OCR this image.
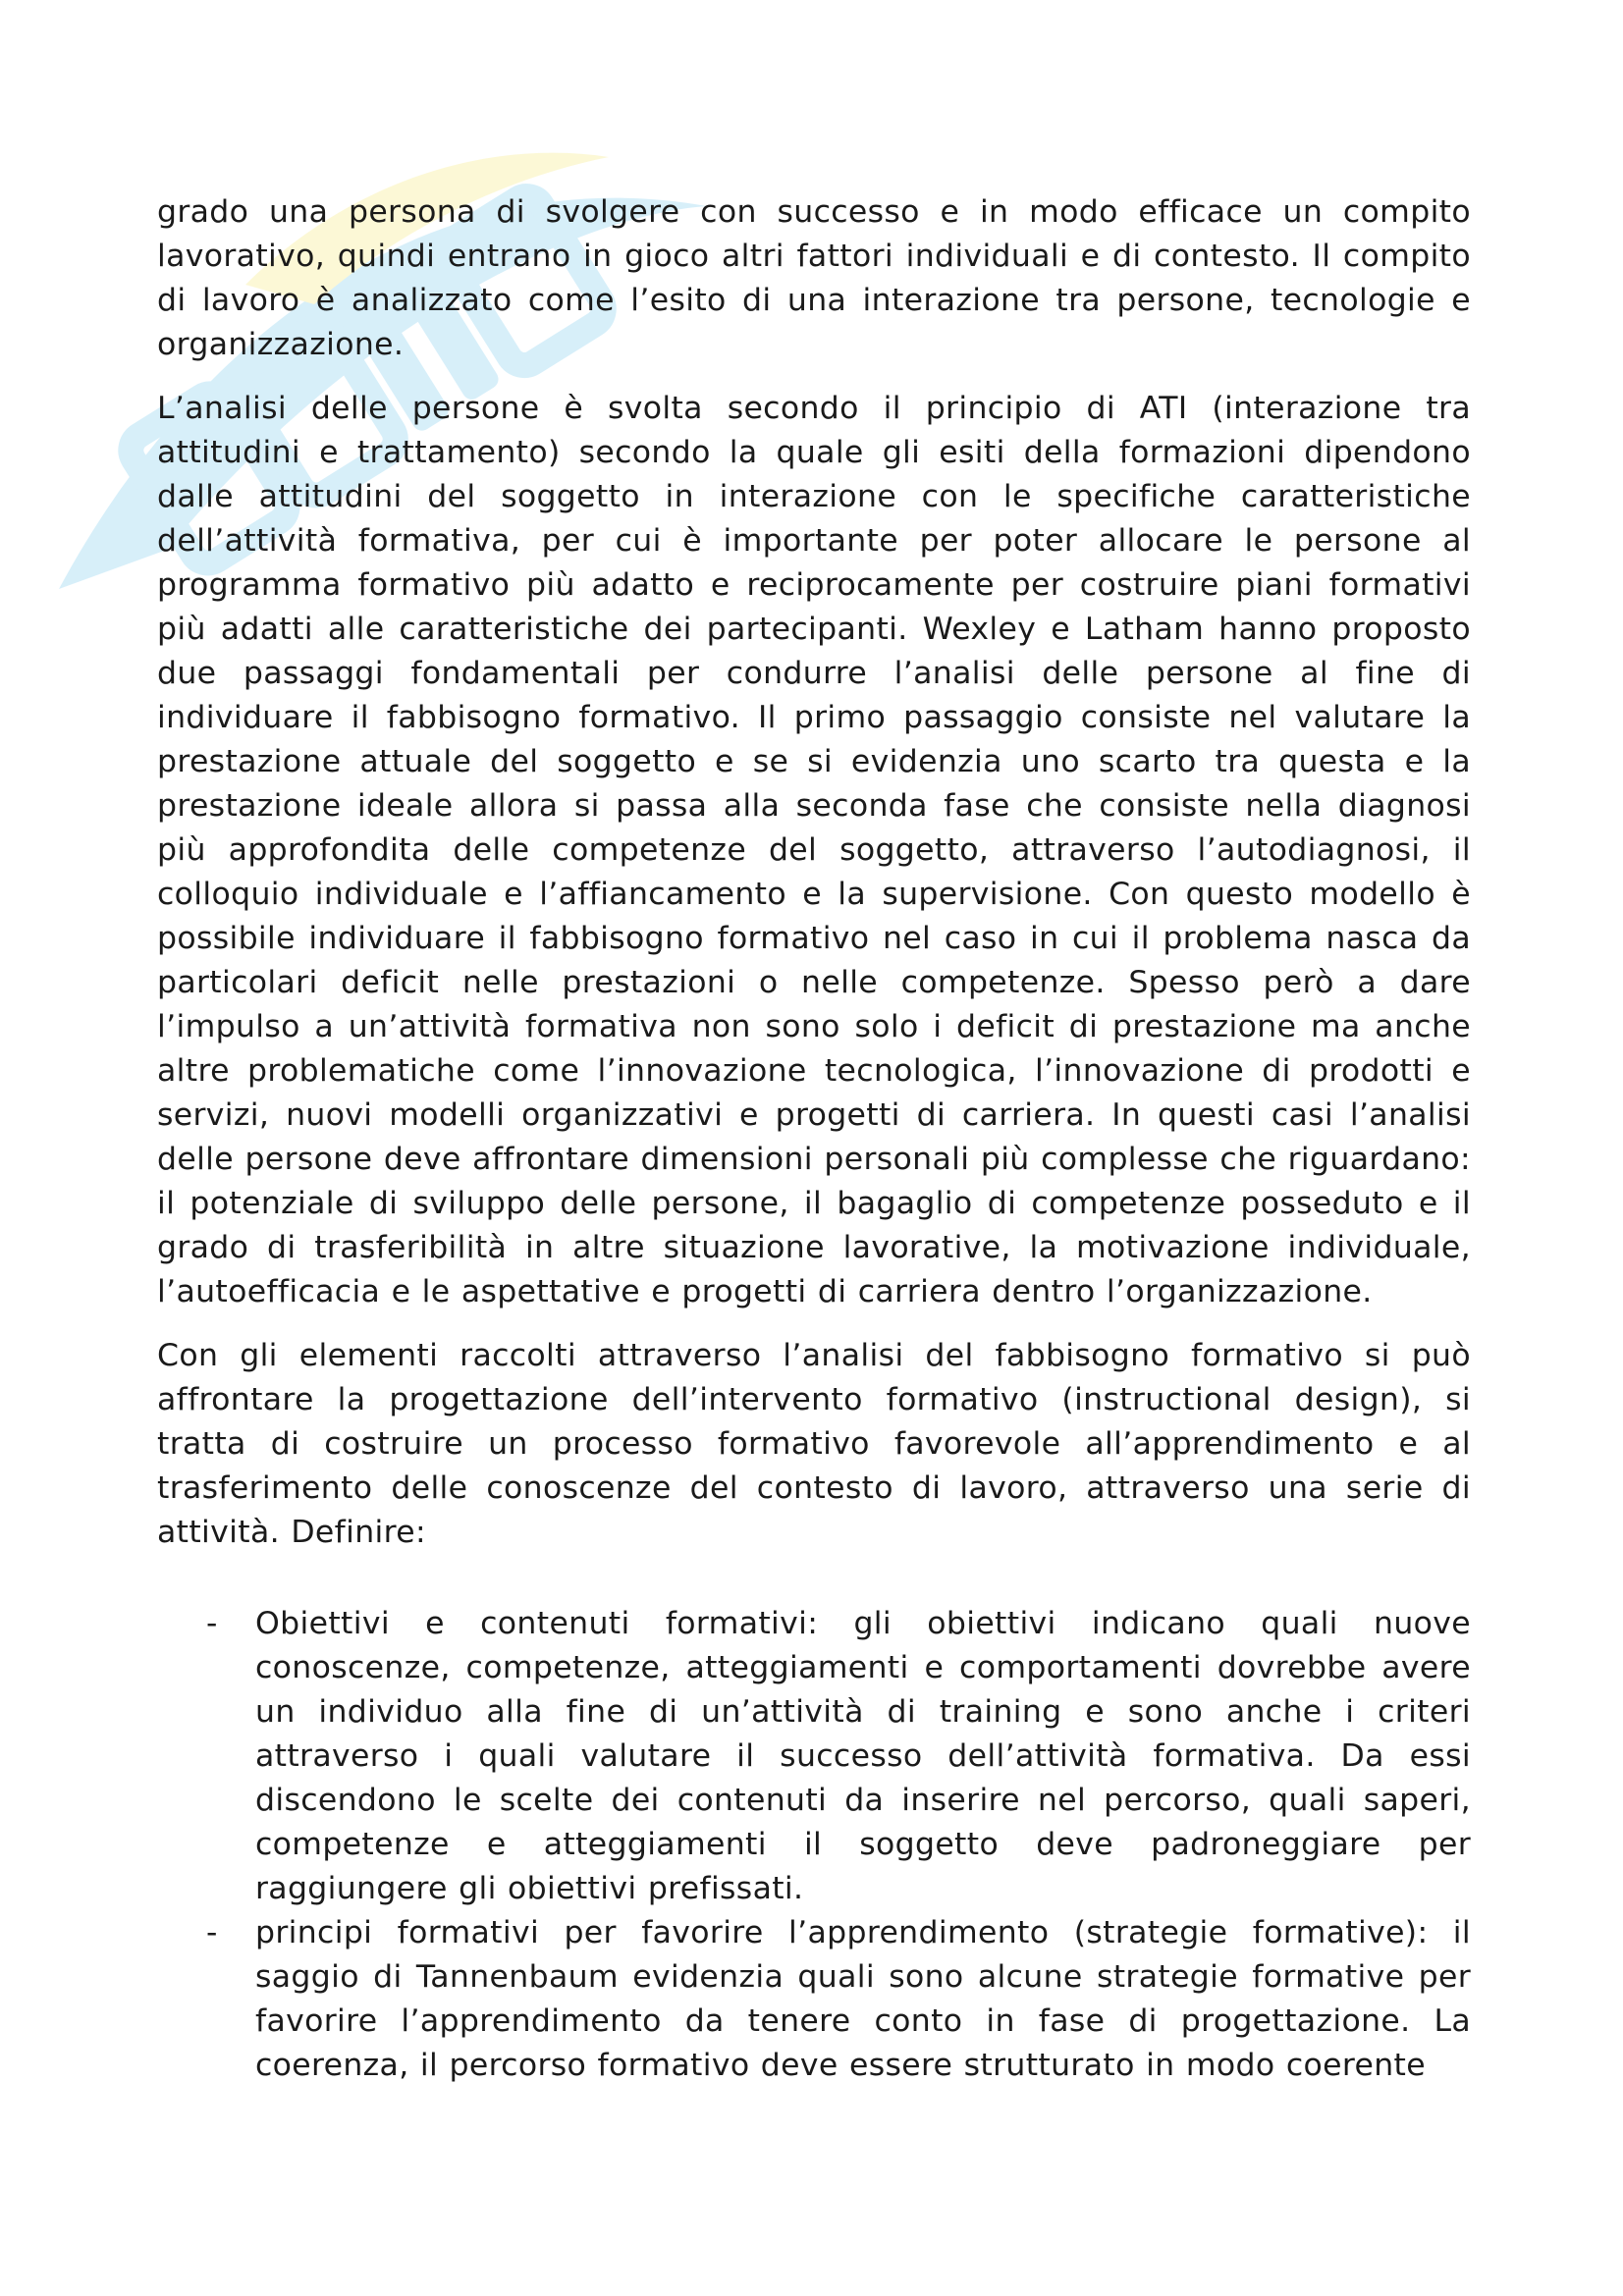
grado una persona di svolgere con successo e in modo efficace un compito lavorativo, quindi entrano in gioco altri fattori individuali e di contesto. Il compito di lavoro è analizzato come l’esito di una interazione tra persone, tecnologie e organizzazione.

L’analisi delle persone è svolta secondo il principio di ATI (interazione tra attitudini e trattamento) secondo la quale gli esiti della formazioni dipendono dalle attitudini del soggetto in interazione con le specifiche caratteristiche dell’attività formativa, per cui è importante per poter allocare le persone al programma formativo più adatto e reciprocamente per costruire piani formativi più adatti alle caratteristiche dei partecipanti. Wexley e Latham hanno proposto due passaggi fondamentali per condurre l’analisi delle persone al fine di individuare il fabbisogno formativo. Il primo passaggio consiste nel valutare la prestazione attuale del soggetto e se si evidenzia uno scarto tra questa e la prestazione ideale allora si passa alla seconda fase che consiste nella diagnosi più approfondita delle competenze del soggetto, attraverso l’autodiagnosi, il colloquio individuale e l’affiancamento e la supervisione. Con questo modello è possibile individuare il fabbisogno formativo nel caso in cui il problema nasca da particolari deficit nelle prestazioni o nelle competenze. Spesso però a dare l’impulso a un’attività formativa non sono solo i deficit di prestazione ma anche altre problematiche come l’innovazione tecnologica, l’innovazione di prodotti e servizi, nuovi modelli organizzativi e progetti di carriera. In questi casi l’analisi delle persone deve affrontare dimensioni personali più complesse che riguardano: il potenziale di sviluppo delle persone, il bagaglio di competenze posseduto e il grado di trasferibilità in altre situazione lavorative, la motivazione individuale, l’autoefficacia e le aspettative e progetti di carriera dentro l’organizzazione.

Con gli elementi raccolti attraverso l’analisi del fabbisogno formativo si può affrontare la progettazione dell’intervento formativo (instructional design), si tratta di costruire un processo formativo favorevole all’apprendimento e al trasferimento delle conoscenze del contesto di lavoro, attraverso una serie di attività. Definire:

- Obiettivi e contenuti formativi: gli obiettivi indicano quali nuove conoscenze, competenze, atteggiamenti e comportamenti dovrebbe avere un individuo alla fine di un’attività di training e sono anche i criteri attraverso i quali valutare il successo dell’attività formativa. Da essi discendono le scelte dei contenuti da inserire nel percorso, quali saperi, competenze e atteggiamenti il soggetto deve padroneggiare per raggiungere gli obiettivi prefissati.
- principi formativi per favorire l’apprendimento (strategie formative): il saggio di Tannenbaum evidenzia quali sono alcune strategie formative per favorire l’apprendimento da tenere conto in fase di progettazione. La coerenza, il percorso formativo deve essere strutturato in modo coerente
